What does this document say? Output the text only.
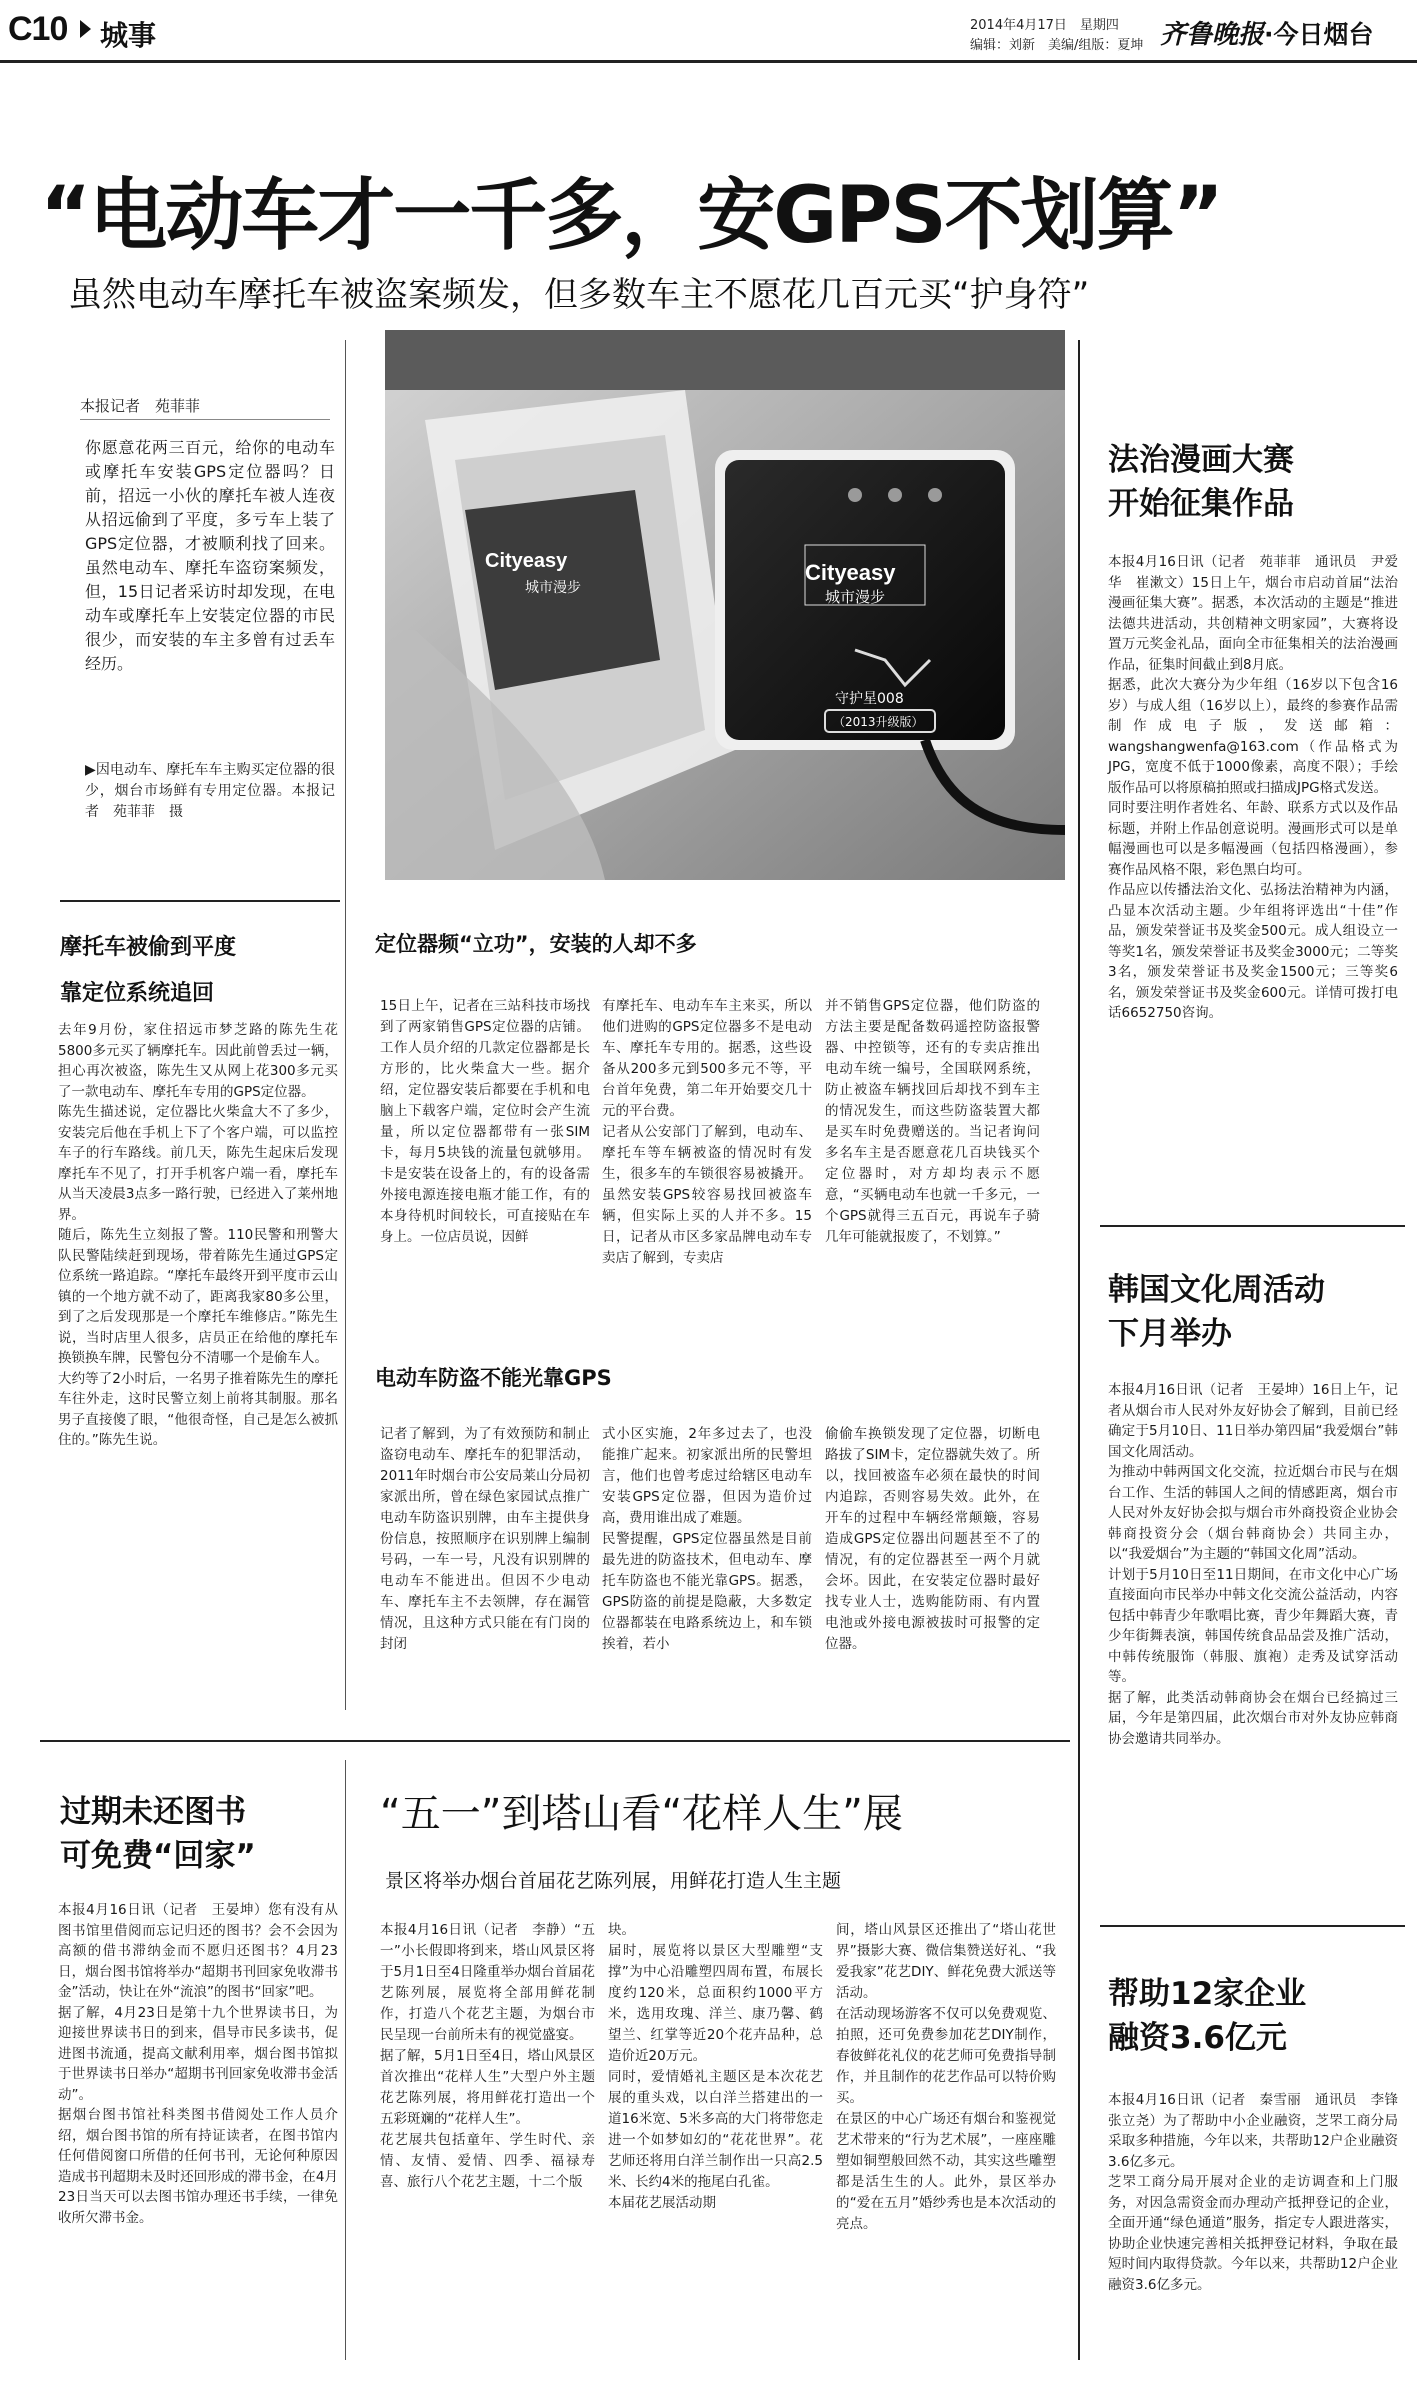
C10 城事	2014年4月17日　星期四
编辑：刘新　美编/组版：夏坤 齐鲁晚报·今日烟台
“电动车才一千多，安GPS不划算”
虽然电动车摩托车被盗案频发，但多数车主不愿花几百元买“护身符”
本报记者　苑菲菲
你愿意花两三百元，给你的电动车或摩托车安装GPS定位器吗？日前，招远一小伙的摩托车被人连夜从招远偷到了平度，多亏车上装了GPS定位器，才被顺利找了回来。虽然电动车、摩托车盗窃案频发，但，15日记者采访时却发现，在电动车或摩托车上安装定位器的市民很少，而安装的车主多曾有过丢车经历。
▶因电动车、摩托车车主购买定位器的很少，烟台市场鲜有专用定位器。本报记者　苑菲菲　摄
Cityeasy
城市漫步
Cityeasy
城市漫步
守护星008
（2013升级版）
摩托车被偷到平度
靠定位系统追回
去年9月份，家住招远市梦芝路的陈先生花5800多元买了辆摩托车。因此前曾丢过一辆，担心再次被盗，陈先生又从网上花300多元买了一款电动车、摩托车专用的GPS定位器。
陈先生描述说，定位器比火柴盒大不了多少，安装完后他在手机上下了个客户端，可以监控车子的行车路线。前几天，陈先生起床后发现摩托车不见了，打开手机客户端一看，摩托车从当天凌晨3点多一路行驶，已经进入了莱州地界。
随后，陈先生立刻报了警。110民警和刑警大队民警陆续赶到现场，带着陈先生通过GPS定位系统一路追踪。“摩托车最终开到平度市云山镇的一个地方就不动了，距离我家80多公里，到了之后发现那是一个摩托车维修店。”陈先生说，当时店里人很多，店员正在给他的摩托车换锁换车牌，民警包分不清哪一个是偷车人。
大约等了2小时后，一名男子推着陈先生的摩托车往外走，这时民警立刻上前将其制服。那名男子直接傻了眼，“他很奇怪，自己是怎么被抓住的。”陈先生说。
定位器频“立功”，安装的人却不多
15日上午，记者在三站科技市场找到了两家销售GPS定位器的店铺。工作人员介绍的几款定位器都是长方形的，比火柴盒大一些。据介绍，定位器安装后都要在手机和电脑上下载客户端，定位时会产生流量，所以定位器都带有一张SIM卡，每月5块钱的流量包就够用。卡是安装在设备上的，有的设备需外接电源连接电瓶才能工作，有的本身待机时间较长，可直接贴在车身上。一位店员说，因鲜
有摩托车、电动车车主来买，所以他们进购的GPS定位器多不是电动车、摩托车专用的。据悉，这些设备从200多元到500多元不等，平台首年免费，第二年开始要交几十元的平台费。
记者从公安部门了解到，电动车、摩托车等车辆被盗的情况时有发生，很多车的车锁很容易被撬开。虽然安装GPS较容易找回被盗车辆，但实际上买的人并不多。15日，记者从市区多家品牌电动车专卖店了解到，专卖店
并不销售GPS定位器，他们防盗的方法主要是配备数码遥控防盗报警器、中控锁等，还有的专卖店推出电动车统一编号，全国联网系统，防止被盗车辆找回后却找不到车主的情况发生，而这些防盗装置大都是买车时免费赠送的。当记者询问多名车主是否愿意花几百块钱买个定位器时，对方却均表示不愿意，“买辆电动车也就一千多元，一个GPS就得三五百元，再说车子骑几年可能就报废了，不划算。”
电动车防盗不能光靠GPS
记者了解到，为了有效预防和制止盗窃电动车、摩托车的犯罪活动，2011年时烟台市公安局莱山分局初家派出所，曾在绿色家园试点推广电动车防盗识别牌，由车主提供身份信息，按照顺序在识别牌上编制号码，一车一号，凡没有识别牌的电动车不能进出。但因不少电动车、摩托车主不去领牌，存在漏管情况，且这种方式只能在有门岗的封闭
式小区实施，2年多过去了，也没能推广起来。初家派出所的民警坦言，他们也曾考虑过给辖区电动车安装GPS定位器，但因为造价过高，费用谁出成了难题。
民警提醒，GPS定位器虽然是目前最先进的防盗技术，但电动车、摩托车防盗也不能光靠GPS。据悉，GPS防盗的前提是隐蔽，大多数定位器都装在电路系统边上，和车锁挨着，若小
偷偷车换锁发现了定位器，切断电路拔了SIM卡，定位器就失效了。所以，找回被盗车必须在最快的时间内追踪，否则容易失效。此外，在开车的过程中车辆经常颠簸，容易造成GPS定位器出问题甚至不了的情况，有的定位器甚至一两个月就会坏。因此，在安装定位器时最好找专业人士，选购能防雨、有内置电池或外接电源被拔时可报警的定位器。
法治漫画大赛
开始征集作品
本报4月16日讯（记者　苑菲菲　通讯员　尹爱华　崔漱文）15日上午，烟台市启动首届“法治漫画征集大赛”。据悉，本次活动的主题是“推进法德共进活动，共创精神文明家园”，大赛将设置万元奖金礼品，面向全市征集相关的法治漫画作品，征集时间截止到8月底。
据悉，此次大赛分为少年组（16岁以下包含16岁）与成人组（16岁以上），最终的参赛作品需制作成电子版，发送邮箱：wangshangwenfa@163.com（作品格式为JPG，宽度不低于1000像素，高度不限）；手绘版作品可以将原稿拍照或扫描成JPG格式发送。
同时要注明作者姓名、年龄、联系方式以及作品标题，并附上作品创意说明。漫画形式可以是单幅漫画也可以是多幅漫画（包括四格漫画），参赛作品风格不限，彩色黑白均可。
作品应以传播法治文化、弘扬法治精神为内涵，凸显本次活动主题。少年组将评选出“十佳”作品，颁发荣誉证书及奖金500元。成人组设立一等奖1名，颁发荣誉证书及奖金3000元；二等奖3名，颁发荣誉证书及奖金1500元；三等奖6名，颁发荣誉证书及奖金600元。详情可拨打电话6652750咨询。
韩国文化周活动
下月举办
本报4月16日讯（记者　王晏坤）16日上午，记者从烟台市人民对外友好协会了解到，目前已经确定于5月10日、11日举办第四届“我爱烟台”韩国文化周活动。
为推动中韩两国文化交流，拉近烟台市民与在烟台工作、生活的韩国人之间的情感距离，烟台市人民对外友好协会拟与烟台市外商投资企业协会韩商投资分会（烟台韩商协会）共同主办，以“我爱烟台”为主题的“韩国文化周”活动。
计划于5月10日至11日期间，在市文化中心广场直接面向市民举办中韩文化交流公益活动，内容包括中韩青少年歌唱比赛，青少年舞蹈大赛，青少年街舞表演，韩国传统食品品尝及推广活动，中韩传统服饰（韩服、旗袍）走秀及试穿活动等。
据了解，此类活动韩商协会在烟台已经搞过三届，今年是第四届，此次烟台市对外友协应韩商协会邀请共同举办。
帮助12家企业
融资3.6亿元
本报4月16日讯（记者　秦雪丽　通讯员　李锋　张立尧）为了帮助中小企业融资，芝罘工商分局采取多种措施，今年以来，共帮助12户企业融资3.6亿多元。
芝罘工商分局开展对企业的走访调查和上门服务，对因急需资金而办理动产抵押登记的企业，全面开通“绿色通道”服务，指定专人跟进落实，协助企业快速完善相关抵押登记材料，争取在最短时间内取得贷款。今年以来，共帮助12户企业融资3.6亿多元。
过期未还图书
可免费“回家”
本报4月16日讯（记者　王晏坤）您有没有从图书馆里借阅而忘记归还的图书？会不会因为高额的借书滞纳金而不愿归还图书？4月23日，烟台图书馆将举办“超期书刊回家免收滞书金”活动，快让在外“流浪”的图书“回家”吧。
据了解，4月23日是第十九个世界读书日，为迎接世界读书日的到来，倡导市民多读书，促进图书流通，提高文献利用率，烟台图书馆拟于世界读书日举办“超期书刊回家免收滞书金活动”。
据烟台图书馆社科类图书借阅处工作人员介绍，烟台图书馆的所有持证读者，在图书馆内任何借阅窗口所借的任何书刊，无论何种原因造成书刊超期未及时还回形成的滞书金，在4月23日当天可以去图书馆办理还书手续，一律免收所欠滞书金。
“五一”到塔山看“花样人生”展
景区将举办烟台首届花艺陈列展，用鲜花打造人生主题
本报4月16日讯（记者　李静）“五一”小长假即将到来，塔山风景区将于5月1日至4日隆重举办烟台首届花艺陈列展，展览将全部用鲜花制作，打造八个花艺主题，为烟台市民呈现一台前所未有的视觉盛宴。
据了解，5月1日至4日，塔山风景区首次推出“花样人生”大型户外主题花艺陈列展，将用鲜花打造出一个五彩斑斓的“花样人生”。
花艺展共包括童年、学生时代、亲情、友情、爱情、四季、福禄寿喜、旅行八个花艺主题，十二个版
块。
届时，展览将以景区大型雕塑“支撑”为中心沿雕塑四周布置，布展长度约120米，总面积约1000平方米，选用玫瑰、洋兰、康乃馨、鹤望兰、红掌等近20个花卉品种，总造价近20万元。
同时，爱情婚礼主题区是本次花艺展的重头戏，以白洋兰搭建出的一道16米宽、5米多高的大门将带您走进一个如梦如幻的“花花世界”。花艺师还将用白洋兰制作出一只高2.5米、长约4米的拖尾白孔雀。
本届花艺展活动期
间，塔山风景区还推出了“塔山花世界”摄影大赛、微信集赞送好礼、“我爱我家”花艺DIY、鲜花免费大派送等活动。
在活动现场游客不仅可以免费观览、拍照，还可免费参加花艺DIY制作，春彼鲜花礼仪的花艺师可免费指导制作，并且制作的花艺作品可以特价购买。
在景区的中心广场还有烟台和鉴视觉艺术带来的“行为艺术展”，一座座雕塑如铜塑般回然不动，其实这些雕塑都是活生生的人。此外，景区举办的“爱在五月”婚纱秀也是本次活动的亮点。
